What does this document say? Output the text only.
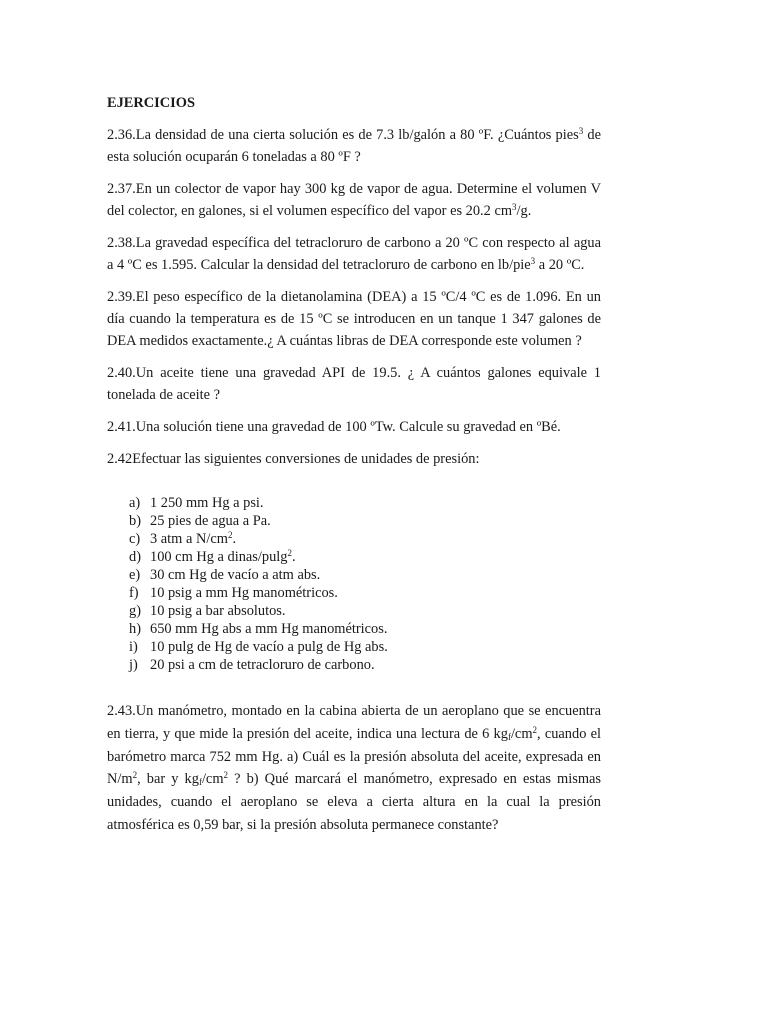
EJERCICIOS

2.36.La densidad de una cierta solución es de 7.3 lb/galón a 80 ºF. ¿Cuántos pies$^3$ de esta solución ocuparán 6 toneladas a 80 ºF ?

2.37.En un colector de vapor hay 300 kg de vapor de agua. Determine el volumen V del colector, en galones, si el volumen específico del vapor es 20.2 $cm^3/g$.

2.38.La gravedad específica del tetracloruro de carbono a 20 ºC con respecto al agua a 4 ºC es 1.595. Calcular la densidad del tetracloruro de carbono en lb/pie$^3$ a 20 ºC.

2.39.El peso específico de la dietanolamina (DEA) a 15 ºC/4 ºC es de 1.096. En un día cuando la temperatura es de 15 ºC se introducen en un tanque 1 347 galones de DEA medidos exactamente.¿ A cuántas libras de DEA corresponde este volumen ?

2.40.Un aceite tiene una gravedad API de 19.5. ¿ A cuántos galones equivale 1 tonelada de aceite ?

2.41.Una solución tiene una gravedad de 100 ºTw. Calcule su gravedad en ºBé.

2.42Efectuar las siguientes conversiones de unidades de presión:

a) 1 250 mm Hg a psi.
b) 25 pies de agua a Pa.
c) 3 atm a $N/cm^2$.
d) 100 cm Hg a dinas/pulg$^2$.
e) 30 cm Hg de vacío a atm abs.
f) 10 psig a mm Hg manométricos.
g) 10 psig a bar absolutos.
h) 650 mm Hg abs a mm Hg manométricos.
i) 10 pulg de Hg de vacío a pulg de Hg abs.
j) 20 psi a cm de tetracloruro de carbono.

2.43.Un manómetro, montado en la cabina abierta de un aeroplano que se encuentra en tierra, y que mide la presión del aceite, indica una lectura de 6 $kg_f/cm^2$, cuando el barómetro marca 752 mm Hg. a) Cuál es la presión absoluta del aceite, expresada en $N/m^2$, bar y $kg_f/cm^2$ ? b) Qué marcará el manómetro, expresado en estas mismas unidades, cuando el aeroplano se eleva a cierta altura en la cual la presión atmosférica es 0,59 bar, si la presión absoluta permanece constante?
